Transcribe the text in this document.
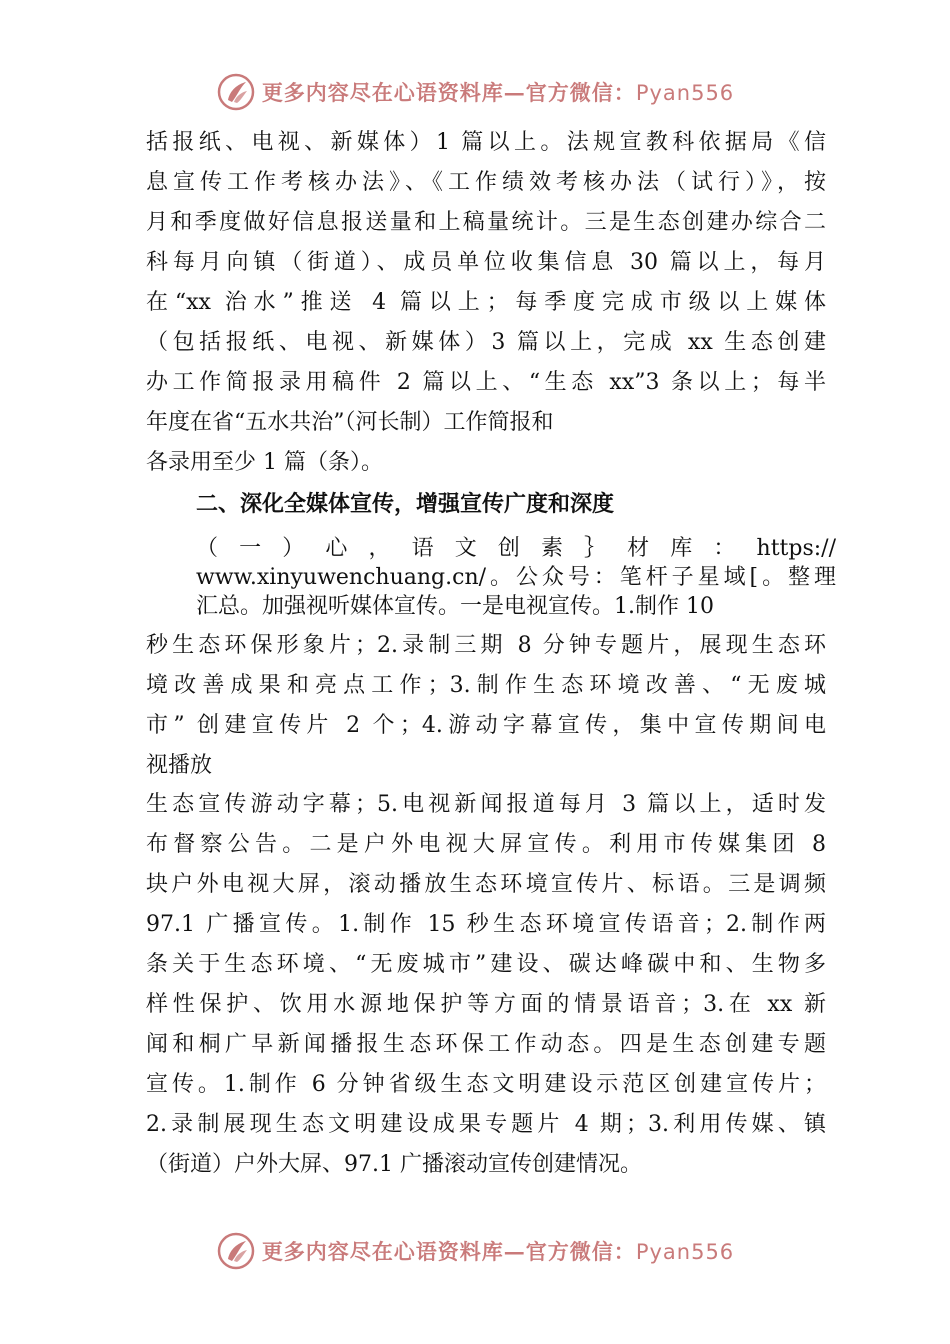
更多内容尽在心语资料库—官方微信：Pyan556
括报纸、电视、新媒体）1 篇以上。法规宣教科依据局《信
息宣传工作考核办法》、《工作绩效考核办法（试行）》，按
月和季度做好信息报送量和上稿量统计。三是生态创建办综合二
科每月向镇（街道）、成员单位收集信息 30 篇以上，每月
在“xx 治水”推送 4 篇以上；每季度完成市级以上媒体
（包括报纸、电视、新媒体）3 篇以上，完成 xx 生态创建
办工作简报录用稿件 2 篇以上、“生态 xx”3 条以上；每半
年度在省“五水共治”（河长制）工作简报和
各录用至少 1 篇（条）。
二、深化全媒体宣传，增强宣传广度和深度
（ 一 ） 心 ， 语 文 创 素 ｝ 材 库 ： https://
www.xinyuwenchuang.cn/。公众号：笔杆子星域[。整理
汇总。加强视听媒体宣传。一是电视宣传。1.制作 10
秒生态环保形象片；2.录制三期 8 分钟专题片，展现生态环
境改善成果和亮点工作；3.制作生态环境改善、“无废城
市” 创建宣传片 2 个；4.游动字幕宣传，集中宣传期间电
视播放
生态宣传游动字幕；5.电视新闻报道每月 3 篇以上，适时发
布督察公告。二是户外电视大屏宣传。利用市传媒集团 8
块户外电视大屏，滚动播放生态环境宣传片、标语。三是调频
97.1 广播宣传。1.制作 15 秒生态环境宣传语音；2.制作两
条关于生态环境、“无废城市”建设、碳达峰碳中和、生物多
样性保护、饮用水源地保护等方面的情景语音；3.在 xx 新
闻和桐广早新闻播报生态环保工作动态。四是生态创建专题
宣传。1.制作 6 分钟省级生态文明建设示范区创建宣传片；
2.录制展现生态文明建设成果专题片 4 期；3.利用传媒、镇
（街道）户外大屏、97.1 广播滚动宣传创建情况。
更多内容尽在心语资料库—官方微信：Pyan556
